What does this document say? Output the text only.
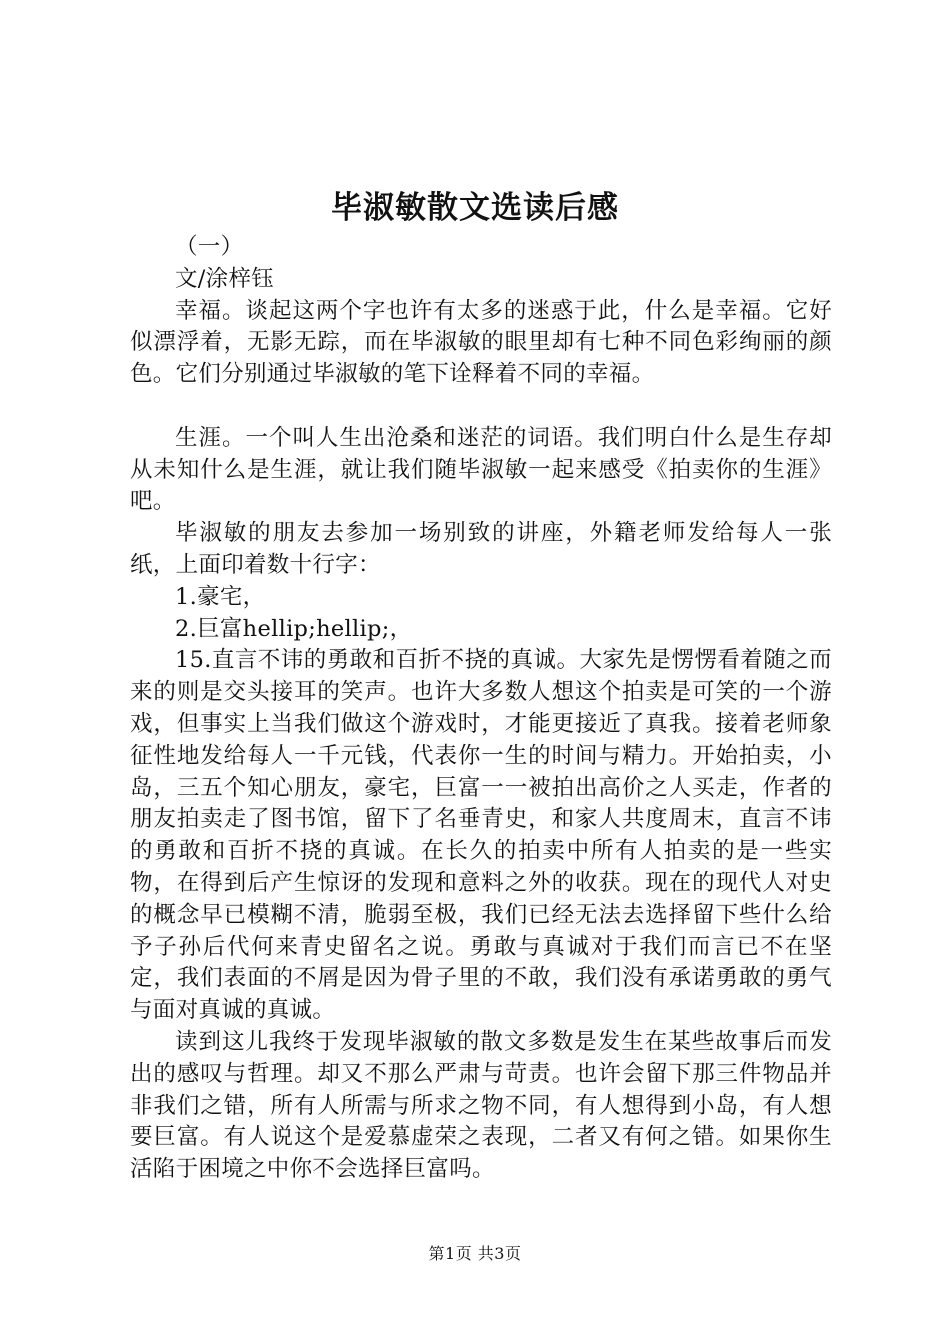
毕淑敏散文选读后感

（一）

文/涂梓钰

幸福。谈起这两个字也许有太多的迷惑于此，什么是幸福。它好似漂浮着，无影无踪，而在毕淑敏的眼里却有七种不同色彩绚丽的颜色。它们分别通过毕淑敏的笔下诠释着不同的幸福。

生涯。一个叫人生出沧桑和迷茫的词语。我们明白什么是生存却从未知什么是生涯，就让我们随毕淑敏一起来感受《拍卖你的生涯》吧。

毕淑敏的朋友去参加一场别致的讲座，外籍老师发给每人一张纸，上面印着数十行字：

1.豪宅，

2.巨富hellip;hellip;，

15.直言不讳的勇敢和百折不挠的真诚。大家先是愣愣看着随之而来的则是交头接耳的笑声。也许大多数人想这个拍卖是可笑的一个游戏，但事实上当我们做这个游戏时，才能更接近了真我。接着老师象征性地发给每人一千元钱，代表你一生的时间与精力。开始拍卖，小岛，三五个知心朋友，豪宅，巨富一一被拍出高价之人买走，作者的朋友拍卖走了图书馆，留下了名垂青史，和家人共度周末，直言不讳的勇敢和百折不挠的真诚。在长久的拍卖中所有人拍卖的是一些实物，在得到后产生惊讶的发现和意料之外的收获。现在的现代人对史的概念早已模糊不清，脆弱至极，我们已经无法去选择留下些什么给予子孙后代何来青史留名之说。勇敢与真诚对于我们而言已不在坚定，我们表面的不屑是因为骨子里的不敢，我们没有承诺勇敢的勇气与面对真诚的真诚。

读到这儿我终于发现毕淑敏的散文多数是发生在某些故事后而发出的感叹与哲理。却又不那么严肃与苛责。也许会留下那三件物品并非我们之错，所有人所需与所求之物不同，有人想得到小岛，有人想要巨富。有人说这个是爱慕虚荣之表现，二者又有何之错。如果你生活陷于困境之中你不会选择巨富吗。

第1页 共3页
